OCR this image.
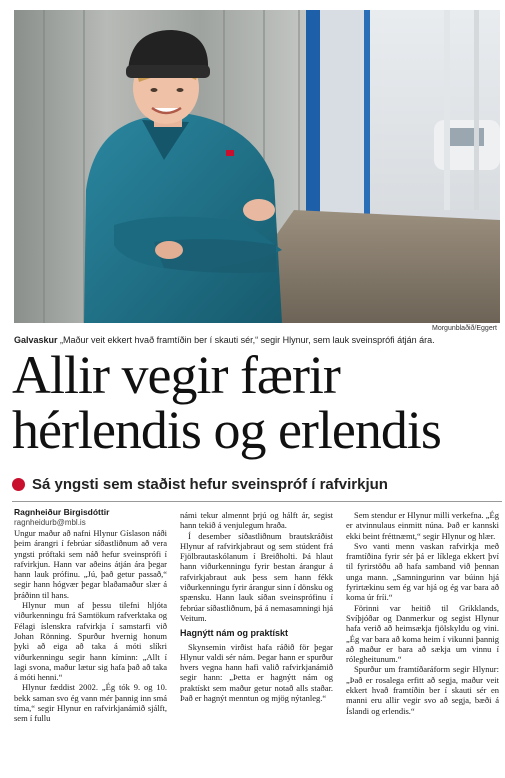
Morgunblaðið/Eggert
Galvaskur „Maður veit ekkert hvað framtíðin ber í skauti sér,“ segir Hlynur, sem lauk sveinsprófi átján ára.
Allir vegir færir
hérlendis og erlendis
Sá yngsti sem staðist hefur sveinspróf í rafvirkjun
Ragnheiður Birgisdóttir
ragnheidurb@mbl.is

Ungur maður að nafni Hlynur Gíslason náði þeim árangri í febrúar síðastliðnum að vera yngsti próftaki sem náð hefur sveinsprófi í rafvirkjun. Hann var aðeins átján ára þegar hann lauk prófinu. „Jú, það getur passað,“ segir hann hógvær þegar blaðamaður slær á þráðinn til hans.

Hlynur mun af þessu tilefni hljóta viðurkenningu frá Samtökum rafverktaka og Félagi íslenskra rafvirkja í samstarfi við Johan Rönning. Spurður hvernig honum þyki að eiga að taka á móti slíkri viðurkenningu segir hann kíminn: „Allt í lagi svona, maður lætur sig hafa það að taka á móti henni.“

Hlynur fæddist 2002. „Ég tók 9. og 10. bekk saman svo ég vann mér þannig inn smá tíma,“ segir Hlynur en rafvirkjanámið sjálft, sem í fullu

námi tekur almennt þrjú og hálft ár, segist hann tekið á venjulegum hraða.

Í desember síðastliðnum brautskráðist Hlynur af rafvirkjabraut og sem stúdent frá Fjölbrautaskólanum í Breiðholti. Þá hlaut hann viðurkenningu fyrir bestan árangur á rafvirkjabraut auk þess sem hann fékk viðurkenningu fyrir árangur sinn í dönsku og spænsku. Hann lauk síðan sveinsprófinu í febrúar síðastliðnum, þá á nemasamningi hjá Veitum.

Hagnýtt nám og praktískt

Skynsemin virðist hafa ráðið för þegar Hlynur valdi sér nám. Þegar hann er spurður hvers vegna hann hafi valið rafvirkjanámið segir hann: „Þetta er hagnýtt nám og praktískt sem maður getur notað alls staðar. Það er hagnýt menntun og mjög nýtanleg.“

Sem stendur er Hlynur milli verkefna. „Ég er atvinnulaus einmitt núna. Það er kannski ekki beint fréttnæmt,“ segir Hlynur og hlær.

Svo vanti menn vaskan rafvirkja með framtíðina fyrir sér þá er líklega ekkert því til fyrirstöðu að hafa samband við þennan unga mann. „Samningurinn var búinn hjá fyrirtækinu sem ég var hjá og ég var bara að koma úr fríi.“

Förinni var heitið til Grikklands, Svíþjóðar og Danmerkur og segist Hlynur hafa verið að heimsækja fjölskyldu og vini. „Ég var bara að koma heim í vikunni þannig að maður er bara að sækja um vinnu í rólegheitunum.“

Spurður um framtíðaráform segir Hlynur: „Það er rosalega erfitt að segja, maður veit ekkert hvað framtíðin ber í skauti sér en manni eru allir vegir svo að segja, bæði á Íslandi og erlendis.“
